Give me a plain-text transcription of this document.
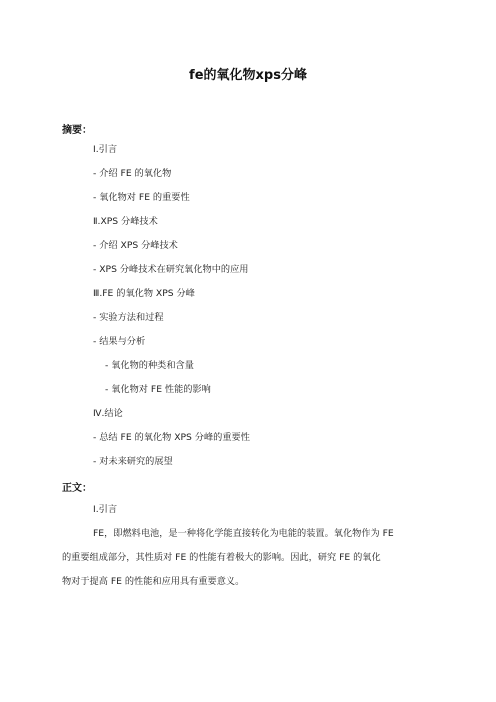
fe的氧化物xps分峰
摘要：
Ⅰ.引言
- 介绍 FE 的氧化物
- 氧化物对 FE 的重要性
Ⅱ.XPS 分峰技术
- 介绍 XPS 分峰技术
- XPS 分峰技术在研究氧化物中的应用
Ⅲ.FE 的氧化物 XPS 分峰
- 实验方法和过程
- 结果与分析
- 氧化物的种类和含量
- 氧化物对 FE 性能的影响
Ⅳ.结论
- 总结 FE 的氧化物 XPS 分峰的重要性
- 对未来研究的展望
正文：
Ⅰ.引言
FE，即燃料电池，是一种将化学能直接转化为电能的装置。氧化物作为 FE
的重要组成部分，其性质对 FE 的性能有着极大的影响。因此，研究 FE 的氧化
物对于提高 FE 的性能和应用具有重要意义。
